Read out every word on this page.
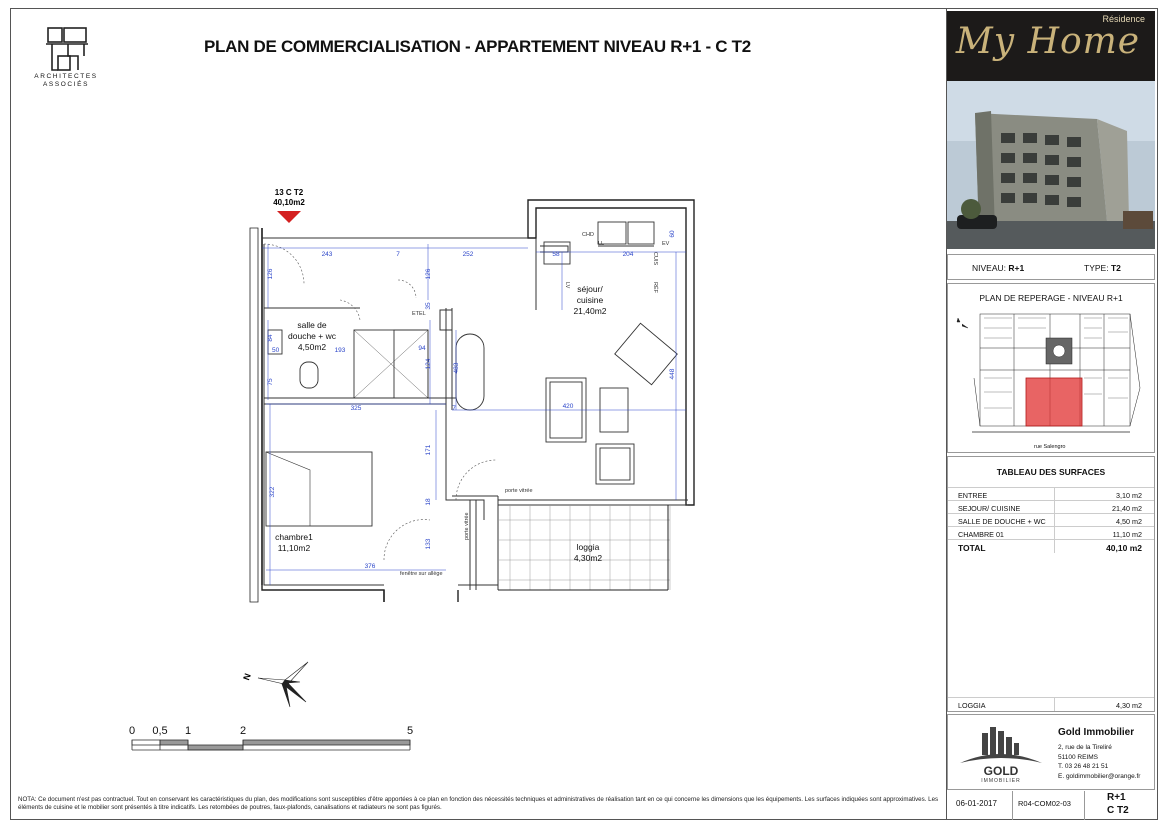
ARCHITECTES
ASSOCIÉS
PLAN DE COMMERCIALISATION - APPARTEMENT NIVEAU R+1 - C T2
13 C T2
40,10m2
243	7	252	58	204
60
126	126
35
84
50	193	94
124	483
75
325	7	420
448
171
18
322
133
376
ETEL
CHD
LL	EV
LV
CUIS
RÉF
porte vitrée
porte vitrée
fenêtre sur allège
salle de
douche + wc
4,50m2
séjour/
cuisine
21,40m2
chambre1
11,10m2	loggia
4,30m2
N
0 0,5 1	2	5
NOTA: Ce document n'est pas contractuel. Tout en conservant les caractéristiques du plan, des modifications sont susceptibles d'être apportées à ce plan en fonction des nécessités techniques et administratives de réalisation tant en ce qui concerne les dimensions que les équipements. Les surfaces indiquées sont approximatives. Les éléments de cuisine et le mobilier sont présentés à titre indicatifs. Les retombées de poutres, faux-plafonds, canalisations et radiateurs ne sont pas figurés.
Résidence
My Home
NIVEAU: R+1	TYPE: T2
PLAN DE REPERAGE - NIVEAU R+1
rue Salengro
TABLEAU DES SURFACES
ENTREE	3,10 m2
SEJOUR/ CUISINE	21,40 m2
SALLE DE DOUCHE + WC	4,50 m2
CHAMBRE 01	11,10 m2
TOTAL	40,10 m2
LOGGIA	4,30 m2
GOLD
IMMOBILIER
Gold Immobilier
2, rue de la Tireliré
51100 REIMS
T. 03 26 48 21 51
E. goldimmobilier@orange.fr
06-01-2017	R04-COM02-03
R+1
C T2
